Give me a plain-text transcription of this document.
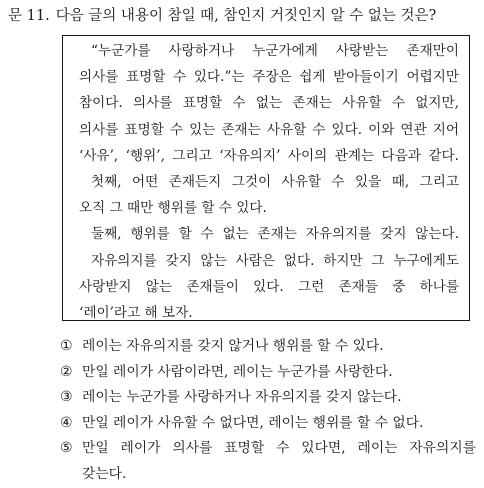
문 11. 다음 글의 내용이 참일 때, 참인지 거짓인지 알 수 없는 것은?
“누군가를 사랑하거나 누군가에게 사랑받는 존재만이
의사를 표명할 수 있다.”는 주장은 쉽게 받아들이기 어렵지만
참이다. 의사를 표명할 수 없는 존재는 사유할 수 없지만,
의사를 표명할 수 있는 존재는 사유할 수 있다. 이와 연관 지어
‘사유’, ‘행위’, 그리고 ‘자유의지’ 사이의 관계는 다음과 같다.
첫째, 어떤 존재든지 그것이 사유할 수 있을 때, 그리고
오직 그 때만 행위를 할 수 있다.
둘째, 행위를 할 수 없는 존재는 자유의지를 갖지 않는다.
자유의지를 갖지 않는 사람은 없다. 하지만 그 누구에게도
사랑받지 않는 존재들이 있다. 그런 존재들 중 하나를
‘레이’라고 해 보자.
① 레이는 자유의지를 갖지 않거나 행위를 할 수 있다.
② 만일 레이가 사람이라면, 레이는 누군가를 사랑한다.
③ 레이는 누군가를 사랑하거나 자유의지를 갖지 않는다.
④ 만일 레이가 사유할 수 없다면, 레이는 행위를 할 수 없다.
⑤ 만일 레이가 의사를 표명할 수 있다면, 레이는 자유의지를
갖는다.
